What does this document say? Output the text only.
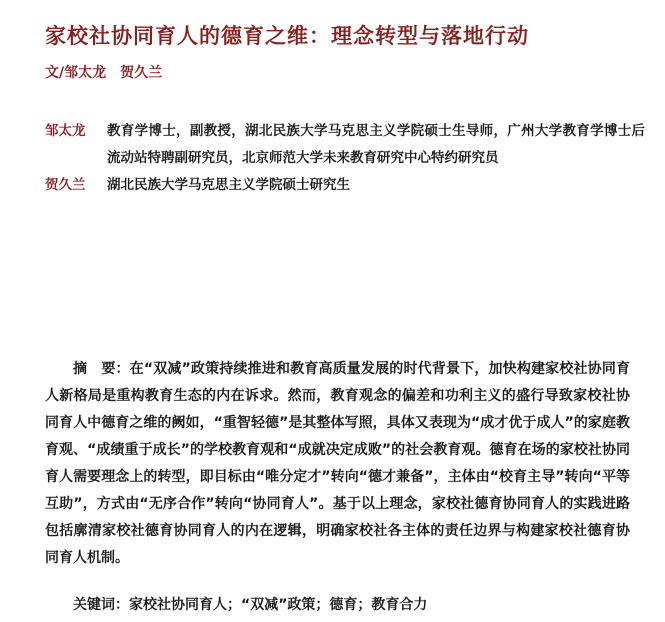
家校社协同育人的德育之维：理念转型与落地行动
文/邹太龙 贺久兰
邹太龙	教育学博士，副教授，湖北民族大学马克思主义学院硕士生导师，广州大学教育学博士后流动站特聘副研究员，北京师范大学未来教育研究中心特约研究员
贺久兰	湖北民族大学马克思主义学院硕士研究生

摘　要：在“双减”政策持续推进和教育高质量发展的时代背景下，加快构建家校社协同育人新格局是重构教育生态的内在诉求。然而，教育观念的偏差和功利主义的盛行导致家校社协同育人中德育之维的阙如，“重智轻德”是其整体写照，具体又表现为“成才优于成人”的家庭教育观、“成绩重于成长”的学校教育观和“成就决定成败”的社会教育观。德育在场的家校社协同育人需要理念上的转型，即目标由“唯分定才”转向“德才兼备”，主体由“校育主导”转向“平等互助”，方式由“无序合作”转向“协同育人”。基于以上理念，家校社德育协同育人的实践进路包括廓清家校社德育协同育人的内在逻辑，明确家校社各主体的责任边界与构建家校社德育协同育人机制。

关键词：家校社协同育人；“双减”政策；德育；教育合力
